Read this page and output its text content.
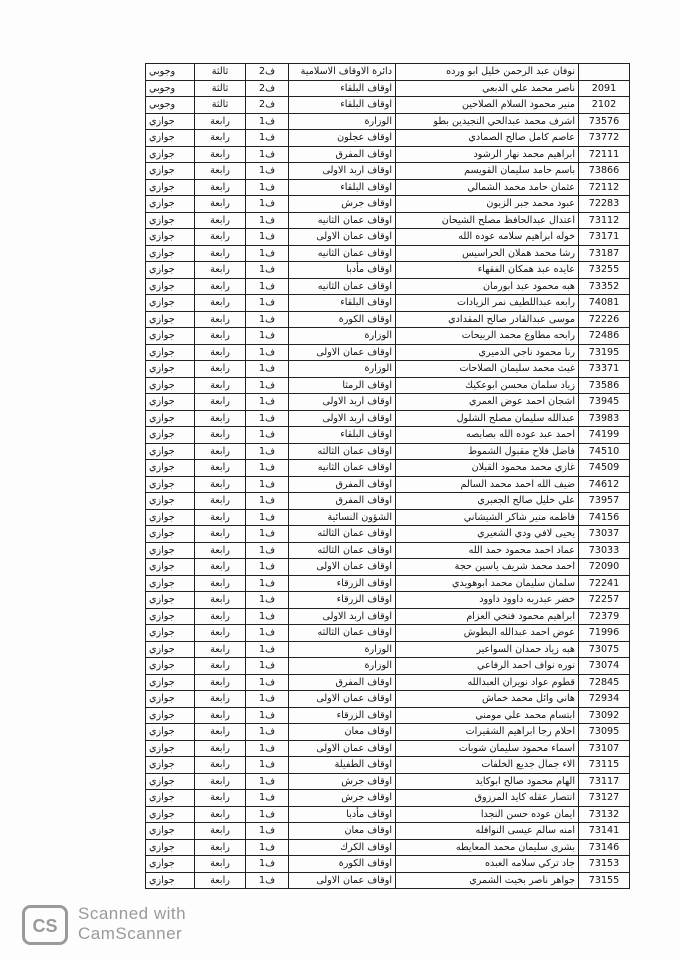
وجوبي	ثالثة	ف2	دائرة الاوقاف الاسلامية	نوفان عبد الرحمن خليل ابو ورده	
وجوبي	ثالثة	ف2	اوقاف البلقاء	ناصر محمد علي الدبعي	2091
وجوبي	ثالثة	ف2	اوقاف البلقاء	منير محمود السلام الصلاحين	2102
جوازي	رابعة	ف1	الوزارة	اشرف محمد عبدالحي النجيدين بطو	73576
جوازي	رابعة	ف1	اوقاف عجلون	عاصم كامل صالح الصمادي	73772
جوازي	رابعة	ف1	اوقاف المفرق	ابراهيم محمد نهار الرشود	72111
جوازي	رابعة	ف1	اوقاف اربد الاولى	باسم حامد سليمان القويسم	73866
جوازي	رابعة	ف1	اوقاف البلقاء	عثمان حامد محمد الشمالي	72112
جوازي	رابعة	ف1	اوقاف جرش	عبود محمد جبر الزبون	72283
جوازي	رابعة	ف1	اوقاف عمان الثانيه	اعتدال عبدالحافظ مصلح الشيحان	73112
جوازي	رابعة	ف1	اوقاف عمان الاولى	خوله ابراهيم سلامه عوده الله	73171
جوازي	رابعة	ف1	اوقاف عمان الثانيه	رشا محمد هملان الحراسيس	73187
جوازي	رابعة	ف1	اوقاف مأدبا	عايده عبد همكان الفقهاء	73255
جوازي	رابعة	ف1	اوقاف عمان الثانيه	هبه محمود عبد ابورمان	73352
جوازي	رابعة	ف1	اوقاف البلقاء	رابعه عبداللطيف نمر الزيادات	74081
جوازي	رابعة	ف1	اوقاف الكورة	موسى عبدالقادر صالح المقدادي	72226
جوازي	رابعة	ف1	الوزارة	رابحه مطاوع محمد الربيحات	72486
جوازي	رابعة	ف1	اوقاف عمان الاولى	رنا محمود ناجي الدميري	73195
جوازي	رابعة	ف1	الوزارة	غيث محمد سليمان الصلاحات	73371
جوازي	رابعة	ف1	اوقاف الرمثا	زياد سلمان محسن ابوعكيك	73586
جوازي	رابعة	ف1	اوقاف اربد الاولى	اشجان احمد عوض العمري	73945
جوازي	رابعة	ف1	اوقاف اربد الاولى	عبدالله سليمان مصلح الشلول	73983
جوازي	رابعة	ف1	اوقاف البلقاء	احمد عبد عوده الله بصابصه	74199
جوازي	رابعة	ف1	اوقاف عمان الثالثه	فاضل فلاح مقبول الشموط	74510
جوازي	رابعة	ف1	اوقاف عمان الثانيه	غازي محمد محمود القبلان	74509
جوازي	رابعة	ف1	اوقاف المفرق	ضيف الله احمد محمد السالم	74612
جوازي	رابعة	ف1	اوقاف المفرق	علي خليل صالح الجعبري	73957
جوازي	رابعة	ف1	الشؤون النسائية	فاطمه منير شاكر الشيشاني	74156
جوازي	رابعة	ف1	اوقاف عمان الثالثه	يحيى لافي ودي الشعيري	73037
جوازي	رابعة	ف1	اوقاف عمان الثالثه	عماد احمد محمود حمد الله	73033
جوازي	رابعة	ف1	اوقاف عمان الاولى	احمد محمد شريف ياسين حجة	72090
جوازي	رابعة	ف1	اوقاف الزرقاء	سلمان سليمان محمد ابوهويدي	72241
جوازي	رابعة	ف1	اوقاف الزرقاء	خضر عبدربه داوود داوود	72257
جوازي	رابعة	ف1	اوقاف اربد الاولى	ابراهيم محمود فنخي العزام	72379
جوازي	رابعة	ف1	اوقاف عمان الثالثه	عوض احمد عبدالله البطوش	71996
جوازي	رابعة	ف1	الوزارة	هبه زياد حمدان السواعير	73075
جوازي	رابعة	ف1	الوزارة	نوره نواف احمد الرفاعي	73074
جوازي	رابعة	ف1	اوقاف المفرق	قطوم عواد نويران العبدالله	72845
جوازي	رابعة	ف1	اوقاف عمان الاولى	هاني وائل محمد خماش	72934
جوازي	رابعة	ف1	اوقاف الزرقاء	ابتسام محمد علي مومني	73092
جوازي	رابعة	ف1	اوقاف معان	احلام رجا ابراهيم الشقيرات	73095
جوازي	رابعة	ف1	اوقاف عمان الاولى	اسماء محمود سليمان شوبات	73107
جوازي	رابعة	ف1	اوقاف الطفيلة	الاء جمال جديع الخلفات	73115
جوازي	رابعة	ف1	اوقاف جرش	الهام محمود صالح ابوكايد	73117
جوازي	رابعة	ف1	اوقاف جرش	انتصار عقله كايد المرزوق	73127
جوازي	رابعة	ف1	اوقاف مأدبا	ايمان عوده حسن النجدا	73132
جوازي	رابعة	ف1	اوقاف معان	امنه سالم عيسى النوافله	73141
جوازي	رابعة	ف1	اوقاف الكرك	بشرى سليمان محمد المعايطه	73146
جوازي	رابعة	ف1	اوقاف الكورة	جاد تركي سلامه العبده	73153
جوازي	رابعة	ف1	اوقاف عمان الاولى	جواهر ناصر بخيت الشمري	73155
CS
Scanned with
CamScanner
